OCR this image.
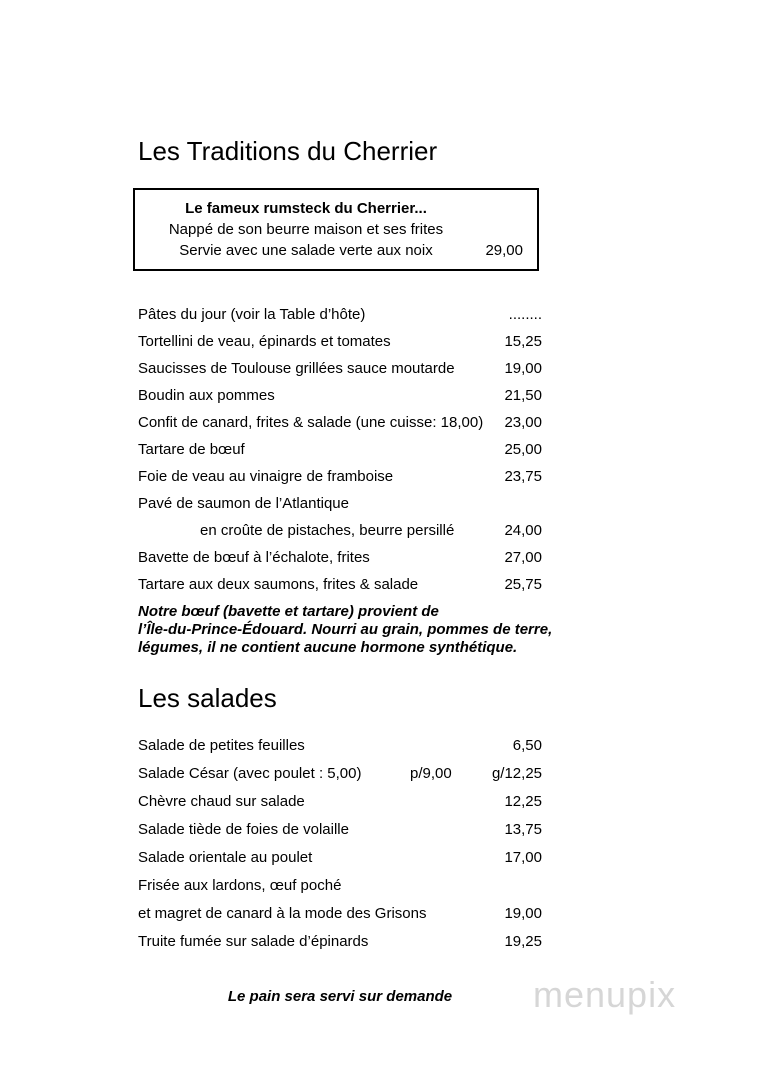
Les Traditions du Cherrier
Le fameux rumsteck du Cherrier...
Nappé de son beurre maison et ses frites
Servie avec une salade verte aux noix	29,00
Pâtes du jour (voir la Table d’hôte)	........
Tortellini de veau, épinards et tomates	15,25
Saucisses de Toulouse grillées sauce moutarde	19,00
Boudin aux pommes	21,50
Confit de canard, frites & salade (une cuisse: 18,00) 23,00
Tartare de bœuf	25,00
Foie de veau au vinaigre de framboise	23,75
Pavé de saumon de l’Atlantique
en croûte de pistaches, beurre persillé	24,00
Bavette de bœuf à l’échalote, frites	27,00
Tartare aux deux saumons, frites & salade	25,75
Notre bœuf (bavette et tartare) provient de
l’Île-du-Prince-Édouard. Nourri au grain, pommes de terre,
légumes, il ne contient aucune hormone synthétique.
Les salades
Salade de petites feuilles	6,50
Salade César (avec poulet : 5,00)	p/9,00	g/12,25
Chèvre chaud sur salade	12,25
Salade tiède de foies de volaille	13,75
Salade orientale au poulet	17,00
Frisée aux lardons, œuf poché
et magret de canard à la mode des Grisons	19,00
Truite fumée sur salade d’épinards	19,25
Le pain sera servi sur demande	menupix
